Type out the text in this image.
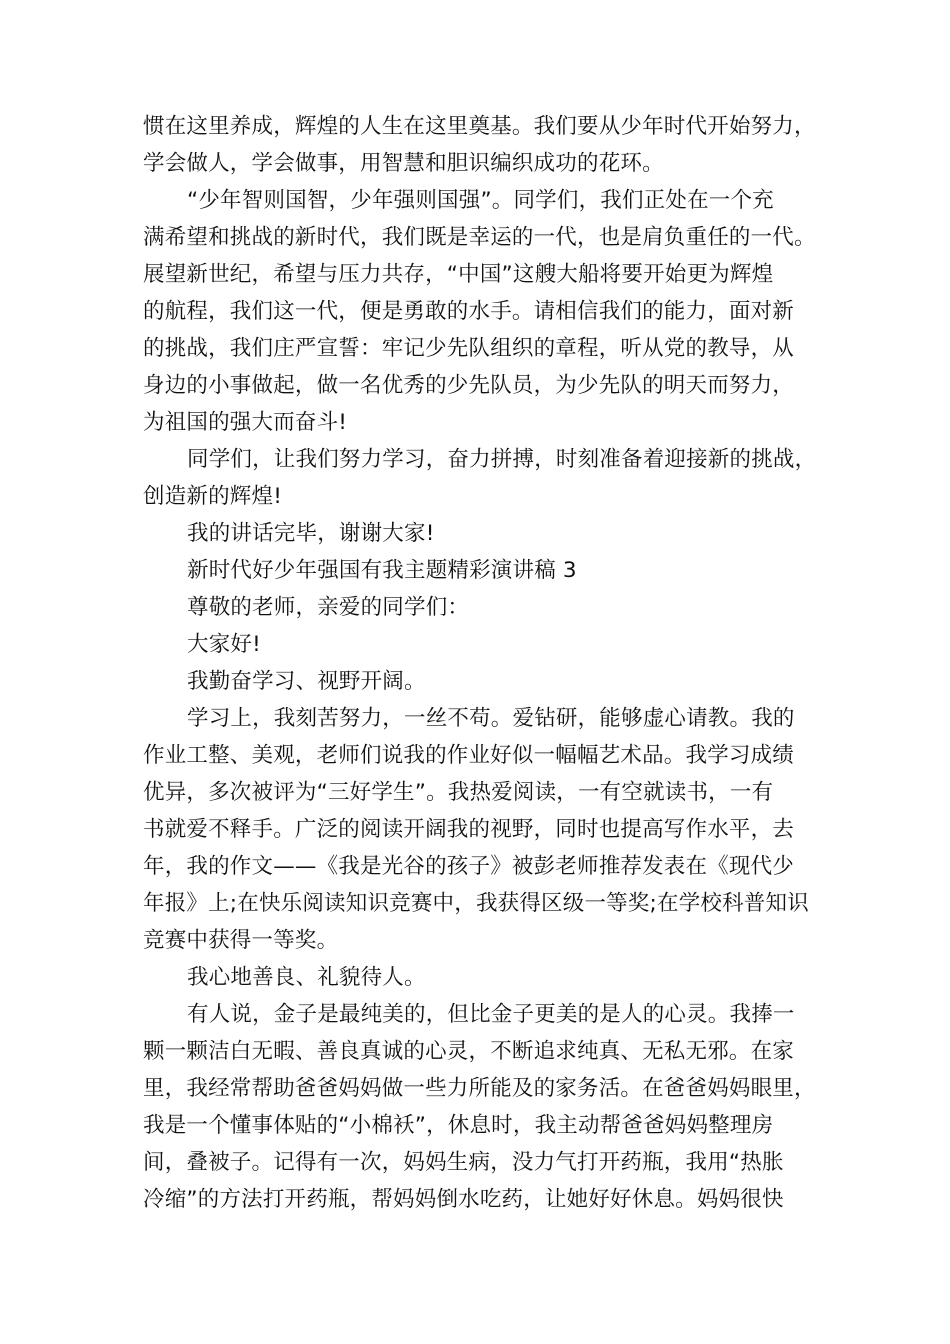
惯在这里养成，辉煌的人生在这里奠基。我们要从少年时代开始努力，
学会做人，学会做事，用智慧和胆识编织成功的花环。
“少年智则国智，少年强则国强”。同学们，我们正处在一个充
满希望和挑战的新时代，我们既是幸运的一代，也是肩负重任的一代。
展望新世纪，希望与压力共存，“中国”这艘大船将要开始更为辉煌
的航程，我们这一代，便是勇敢的水手。请相信我们的能力，面对新
的挑战，我们庄严宣誓：牢记少先队组织的章程，听从党的教导，从
身边的小事做起，做一名优秀的少先队员，为少先队的明天而努力，
为祖国的强大而奋斗!
同学们，让我们努力学习，奋力拼搏，时刻准备着迎接新的挑战，
创造新的辉煌!
我的讲话完毕，谢谢大家!
新时代好少年强国有我主题精彩演讲稿 3
尊敬的老师，亲爱的同学们：
大家好!
我勤奋学习、视野开阔。
学习上，我刻苦努力，一丝不苟。爱钻研，能够虚心请教。我的
作业工整、美观，老师们说我的作业好似一幅幅艺术品。我学习成绩
优异，多次被评为“三好学生”。我热爱阅读，一有空就读书，一有
书就爱不释手。广泛的阅读开阔我的视野，同时也提高写作水平，去
年，我的作文——《我是光谷的孩子》被彭老师推荐发表在《现代少
年报》上;在快乐阅读知识竞赛中，我获得区级一等奖;在学校科普知识
竞赛中获得一等奖。
我心地善良、礼貌待人。
有人说，金子是最纯美的，但比金子更美的是人的心灵。我捧一
颗一颗洁白无暇、善良真诚的心灵，不断追求纯真、无私无邪。在家
里，我经常帮助爸爸妈妈做一些力所能及的家务活。在爸爸妈妈眼里，
我是一个懂事体贴的“小棉袄”，休息时，我主动帮爸爸妈妈整理房
间，叠被子。记得有一次，妈妈生病，没力气打开药瓶，我用“热胀
冷缩”的方法打开药瓶，帮妈妈倒水吃药，让她好好休息。妈妈很快
